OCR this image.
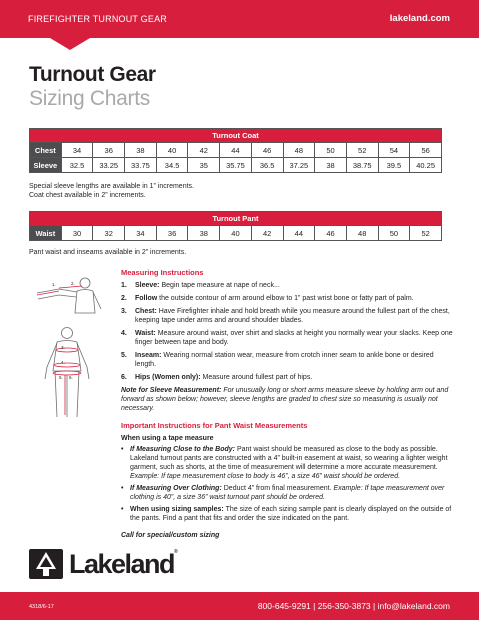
FIREFIGHTER TURNOUT GEAR	lakeland.com
Turnout Gear
Sizing Charts
Turnout Coat												
Chest	34	36	38	40	42	44	46	48	50	52	54	56
Sleeve	32.5	33.25	33.75	34.5	35	35.75	36.5	37.25	38	38.75	39.5	40.25
Special sleeve lengths are available in 1” increments.
Coat chest available in 2” increments.
Turnout Pant
Waist	30	32	34	36	38	40	42	44	46	48	50	52
Pant waist and inseams available in 2” increments.
1.	2.
3.
4.
5. 6.
Measuring Instructions
1. Sleeve: Begin tape measure at nape of neck...
2. Follow the outside contour of arm around elbow to 1” past wrist bone or fatty part of palm.
3. Chest: Have Firefighter inhale and hold breath while you measure around the fullest part of the chest, keeping tape under arms and around shoulder blades.
4. Waist: Measure around waist, over shirt and slacks at height you normally wear your slacks. Keep one finger between tape and body.
5. Inseam: Wearing normal station wear, measure from crotch inner seam to ankle bone or desired length.
6. Hips (Women only): Measure around fullest part of hips.
Note for Sleeve Measurement: For unusually long or short arms measure sleeve by holding arm out and forward as shown below; however, sleeve lengths are graded to chest size so measuring is usually not necessary.
Important Instructions for Pant Waist Measurements
When using a tape measure
• If Measuring Close to the Body: Pant waist should be measured as close to the body as possible. Lakeland turnout pants are constructed with a 4” built-in easement at waist, so wearing a lighter weight garment, such as shorts, at the time of measurement will determine a more accurate measurement. Example: If tape measurement close to body is 46”, a size 46” waist should be ordered.
• If Measuring Over Clothing: Deduct 4” from final measurement. Example: If tape measurement over clothing is 40”, a size 36” waist turnout pant should be ordered.
• When using sizing samples: The size of each sizing sample pant is clearly displayed on the outside of the pants. Find a pant that fits and order the size indicated on the pant.
Call for special/custom sizing
Lakeland®
4318/6-17	800-645-9291 | 256-350-3873 | info@lakeland.com
